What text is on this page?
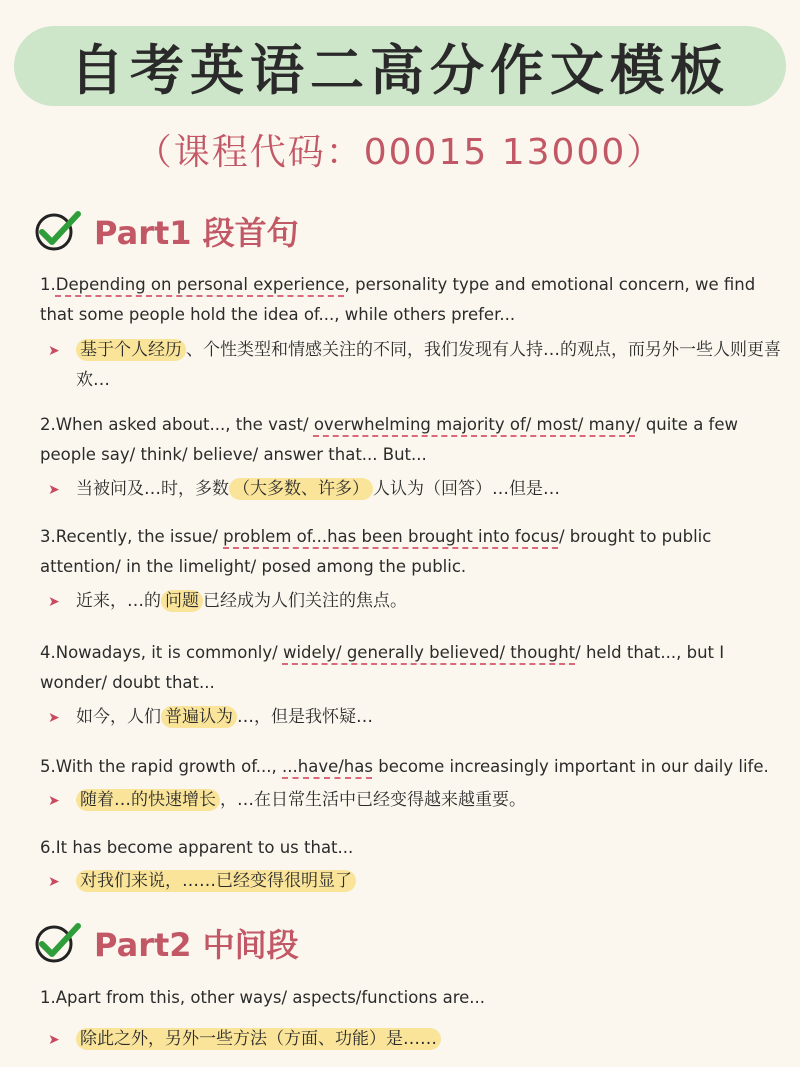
自考英语二高分作文模板
（课程代码：00015 13000）
Part1 段首句
1.Depending on personal experience, personality type and emotional concern, we find that some people hold the idea of..., while others prefer...
➤	基于个人经历 、个性类型和情感关注的不同，我们发现有人持…的观点，而另外一些人则更喜欢…
2.When asked about..., the vast/ overwhelming majority of/ most/ many/ quite a few people say/ think/ believe/ answer that... But...
➤ 当被问及…时，多数 （大多数、许多） 人认为（回答）…但是…
3.Recently, the issue/ problem of...has been brought into focus/ brought to public attention/ in the limelight/ posed among the public.
➤ 近来，…的 问题 已经成为人们关注的焦点。
4.Nowadays, it is commonly/ widely/ generally believed/ thought/ held that..., but I wonder/ doubt that...
➤ 如今，人们 普遍认为 …，但是我怀疑…
5.With the rapid growth of..., ...have/has become increasingly important in our daily life.
➤	随着…的快速增长 ，…在日常生活中已经变得越来越重要。
6.It has become apparent to us that...
➤	对我们来说，……已经变得很明显了
Part2 中间段
1.Apart from this, other ways/ aspects/functions are...
➤	除此之外，另外一些方法（方面、功能）是……
